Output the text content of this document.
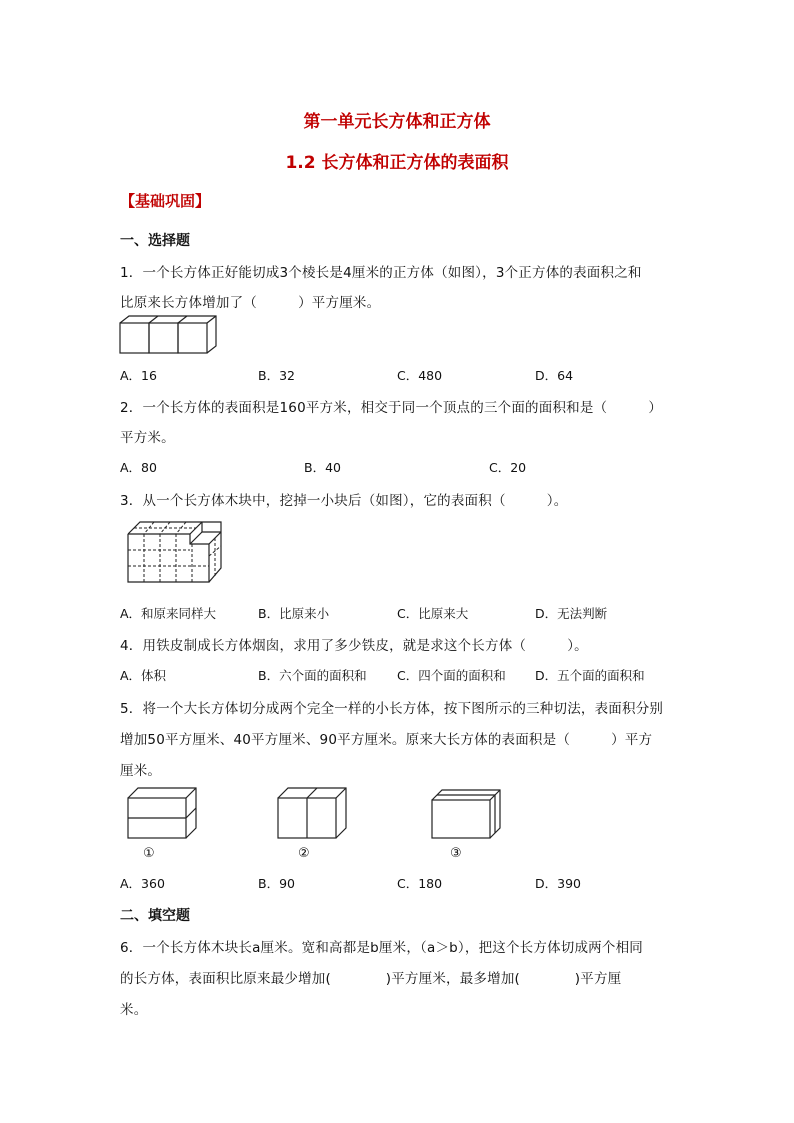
第一单元长方体和正方体
1.2 长方体和正方体的表面积
【基础巩固】
一、选择题
1．一个长方体正好能切成3个棱长是4厘米的正方体（如图），3个正方体的表面积之和
比原来长方体增加了（　　　）平方厘米。
A．16	B．32	C．480	D．64
2．一个长方体的表面积是160平方米，相交于同一个顶点的三个面的面积和是（　　　）
平方米。
A．80	B．40	C．20
3．从一个长方体木块中，挖掉一小块后（如图），它的表面积（　　　）。
A．和原来同样大	B．比原来小	C．比原来大	D．无法判断
4．用铁皮制成长方体烟囱，求用了多少铁皮，就是求这个长方体（　　　）。
A．体积	B．六个面的面积和 C．四个面的面积和 D．五个面的面积和
5．将一个大长方体切分成两个完全一样的小长方体，按下图所示的三种切法，表面积分别
增加50平方厘米、40平方厘米、90平方厘米。原来大长方体的表面积是（　　　）平方
厘米。
①	②	③
A．360	B．90	C．180	D．390
二、填空题
6．一个长方体木块长a厘米。宽和高都是b厘米，（a＞b），把这个长方体切成两个相同
的长方体，表面积比原来最少增加(　　　　)平方厘米，最多增加(　　　　)平方厘
米。
